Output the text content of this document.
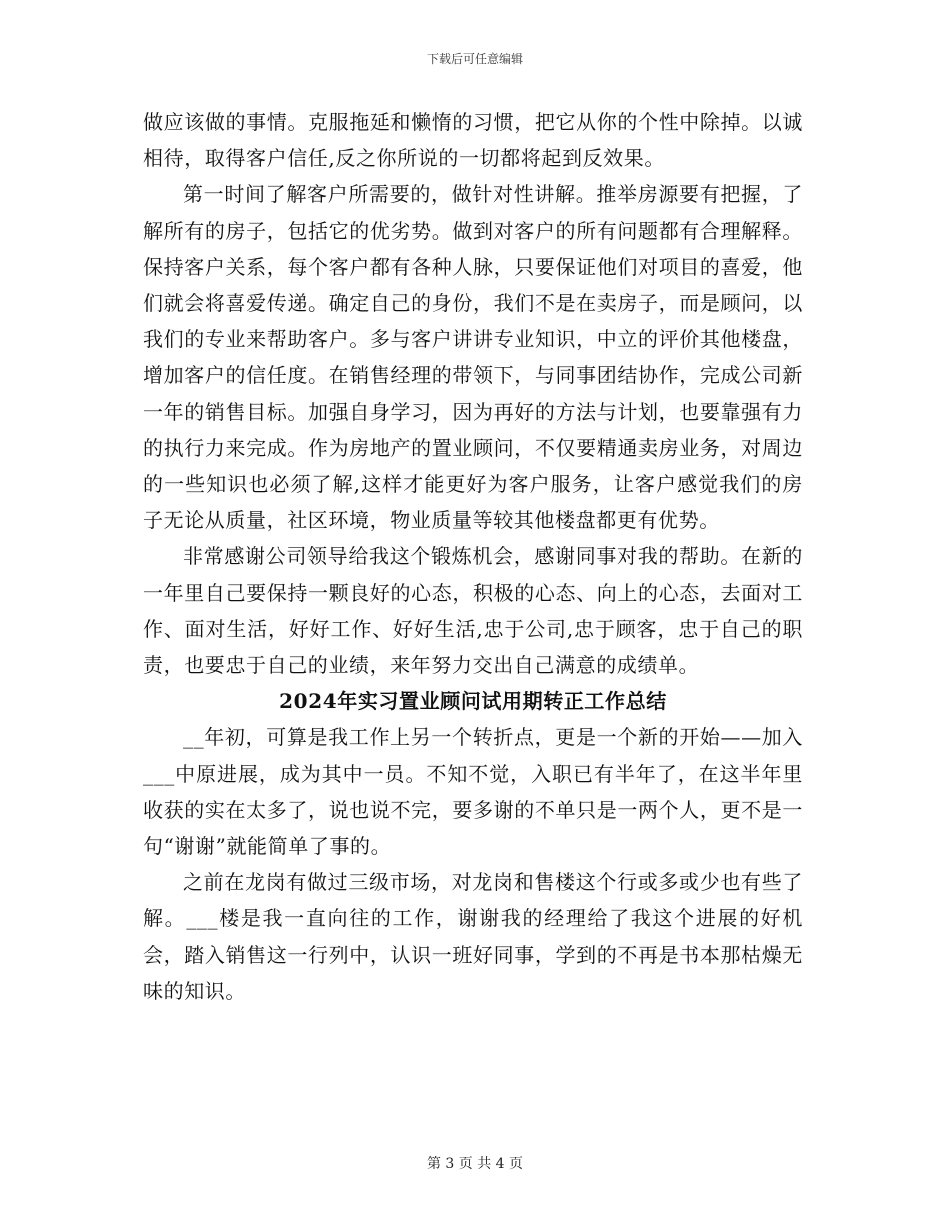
下载后可任意编辑

做应该做的事情。克服拖延和懒惰的习惯，把它从你的个性中除掉。以诚相待，取得客户信任,反之你所说的一切都将起到反效果。

第一时间了解客户所需要的，做针对性讲解。推举房源要有把握，了解所有的房子，包括它的优劣势。做到对客户的所有问题都有合理解释。保持客户关系，每个客户都有各种人脉，只要保证他们对项目的喜爱，他们就会将喜爱传递。确定自己的身份，我们不是在卖房子，而是顾问，以我们的专业来帮助客户。多与客户讲讲专业知识，中立的评价其他楼盘，增加客户的信任度。在销售经理的带领下，与同事团结协作，完成公司新一年的销售目标。加强自身学习，因为再好的方法与计划，也要靠强有力的执行力来完成。作为房地产的置业顾问，不仅要精通卖房业务，对周边的一些知识也必须了解,这样才能更好为客户服务，让客户感觉我们的房子无论从质量，社区环境，物业质量等较其他楼盘都更有优势。

非常感谢公司领导给我这个锻炼机会，感谢同事对我的帮助。在新的一年里自己要保持一颗良好的心态，积极的心态、向上的心态，去面对工作、面对生活，好好工作、好好生活,忠于公司,忠于顾客，忠于自己的职责，也要忠于自己的业绩，来年努力交出自己满意的成绩单。

2024年实习置业顾问试用期转正工作总结

__年初，可算是我工作上另一个转折点，更是一个新的开始——加入___中原进展，成为其中一员。不知不觉，入职已有半年了，在这半年里收获的实在太多了，说也说不完，要多谢的不单只是一两个人，更不是一句“谢谢”就能简单了事的。

之前在龙岗有做过三级市场，对龙岗和售楼这个行或多或少也有些了解。___楼是我一直向往的工作，谢谢我的经理给了我这个进展的好机会，踏入销售这一行列中，认识一班好同事，学到的不再是书本那枯燥无味的知识。

第 3 页 共 4 页
